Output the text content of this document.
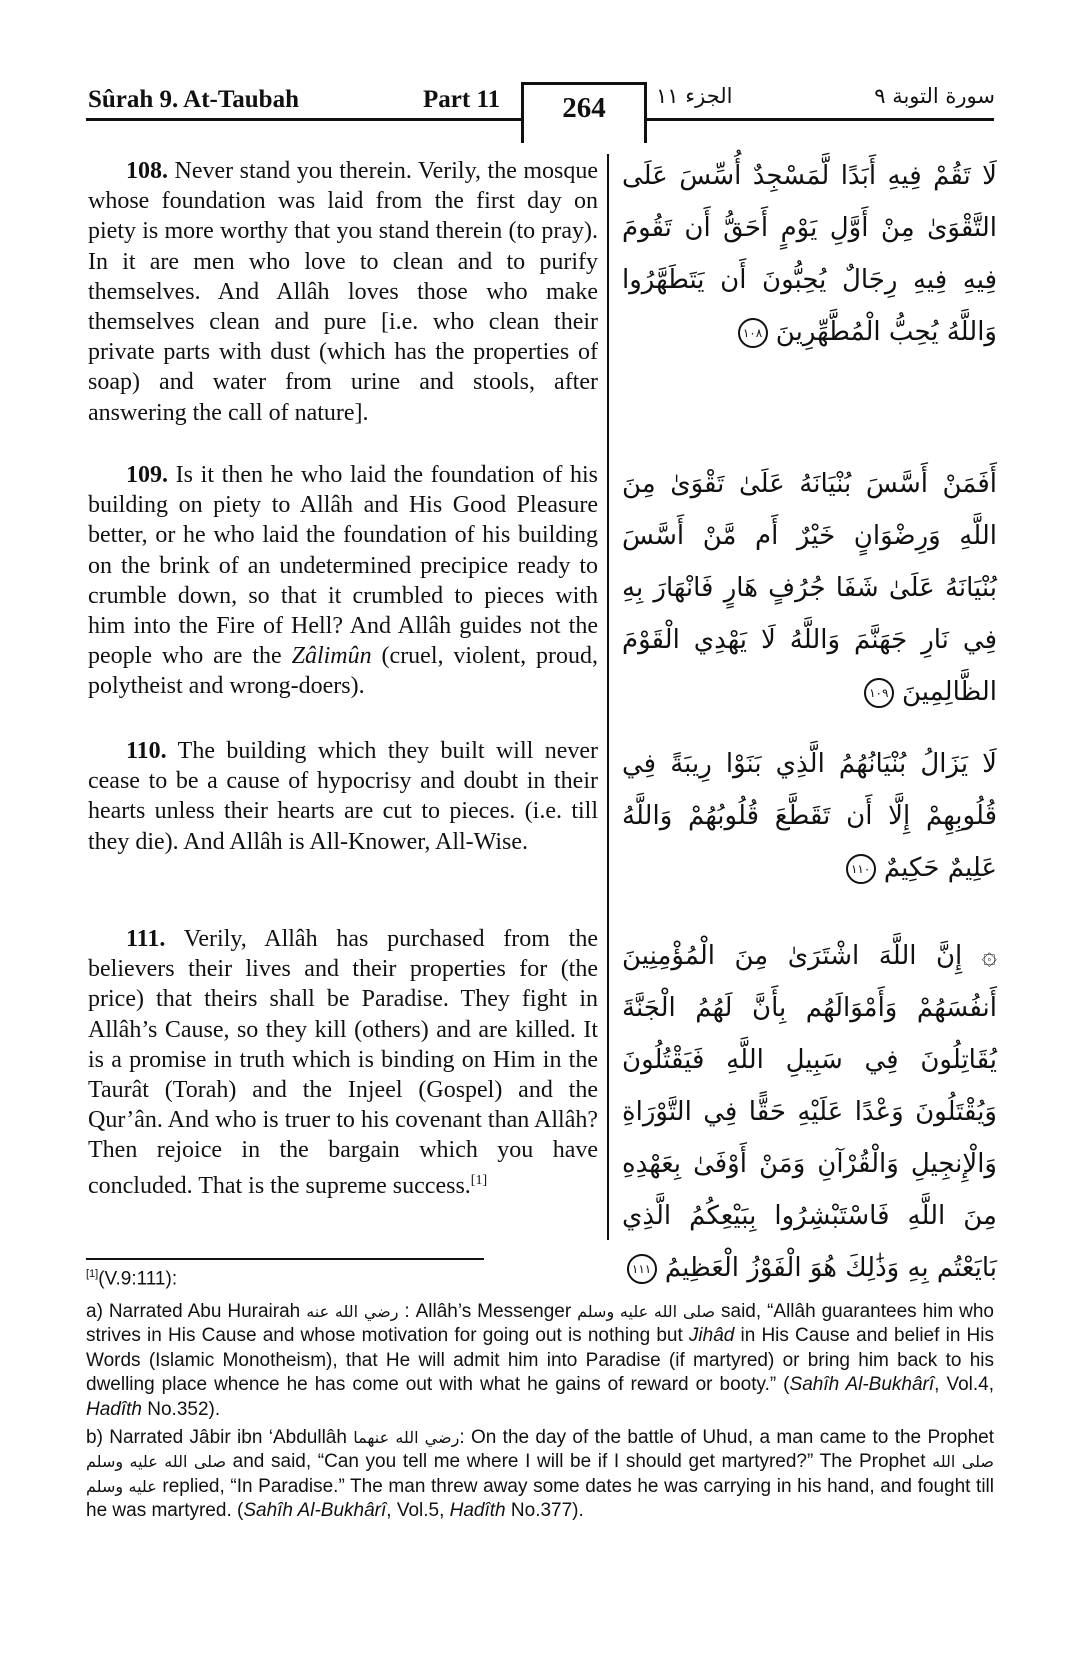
Sûrah 9. At-Taubah	Part 11	264	الجزء ١١	سورة التوبة ٩

108. Never stand you therein. Verily, the mosque whose foundation was laid from the first day on piety is more worthy that you stand therein (to pray). In it are men who love to clean and to purify themselves. And Allâh loves those who make themselves clean and pure [i.e. who clean their private parts with dust (which has the properties of soap) and water from urine and stools, after answering the call of nature].

لَا تَقُمْ فِيهِ أَبَدًا لَّمَسْجِدٌ أُسِّسَ عَلَى التَّقْوَىٰ مِنْ أَوَّلِ يَوْمٍ أَحَقُّ أَن تَقُومَ فِيهِ فِيهِ رِجَالٌ يُحِبُّونَ أَن يَتَطَهَّرُوا وَاللَّهُ يُحِبُّ الْمُطَّهِّرِينَ ١٠٨

109. Is it then he who laid the foundation of his building on piety to Allâh and His Good Pleasure better, or he who laid the foundation of his building on the brink of an undetermined precipice ready to crumble down, so that it crumbled to pieces with him into the Fire of Hell? And Allâh guides not the people who are the Zâlimûn (cruel, violent, proud, polytheist and wrong-doers).

أَفَمَنْ أَسَّسَ بُنْيَانَهُ عَلَىٰ تَقْوَىٰ مِنَ اللَّهِ وَرِضْوَانٍ خَيْرٌ أَم مَّنْ أَسَّسَ بُنْيَانَهُ عَلَىٰ شَفَا جُرُفٍ هَارٍ فَانْهَارَ بِهِ فِي نَارِ جَهَنَّمَ وَاللَّهُ لَا يَهْدِي الْقَوْمَ الظَّالِمِينَ ١٠٩

110. The building which they built will never cease to be a cause of hypocrisy and doubt in their hearts unless their hearts are cut to pieces. (i.e. till they die). And Allâh is All-Knower, All-Wise.

لَا يَزَالُ بُنْيَانُهُمُ الَّذِي بَنَوْا رِيبَةً فِي قُلُوبِهِمْ إِلَّا أَن تَقَطَّعَ قُلُوبُهُمْ وَاللَّهُ عَلِيمٌ حَكِيمٌ ١١٠

111. Verily, Allâh has purchased from the believers their lives and their properties for (the price) that theirs shall be Paradise. They fight in Allâh’s Cause, so they kill (others) and are killed. It is a promise in truth which is binding on Him in the Taurât (Torah) and the Injeel (Gospel) and the Qur’ân. And who is truer to his covenant than Allâh? Then rejoice in the bargain which you have concluded. That is the supreme success.[1]

۞ إِنَّ اللَّهَ اشْتَرَىٰ مِنَ الْمُؤْمِنِينَ أَنفُسَهُمْ وَأَمْوَالَهُم بِأَنَّ لَهُمُ الْجَنَّةَ يُقَاتِلُونَ فِي سَبِيلِ اللَّهِ فَيَقْتُلُونَ وَيُقْتَلُونَ وَعْدًا عَلَيْهِ حَقًّا فِي التَّوْرَاةِ وَالْإِنجِيلِ وَالْقُرْآنِ وَمَنْ أَوْفَىٰ بِعَهْدِهِ مِنَ اللَّهِ فَاسْتَبْشِرُوا بِبَيْعِكُمُ الَّذِي بَايَعْتُم بِهِ وَذَٰلِكَ هُوَ الْفَوْزُ الْعَظِيمُ ١١١

[1](V.9:111):

a) Narrated Abu Hurairah رضي الله عنه : Allâh’s Messenger صلى الله عليه وسلم said, “Allâh guarantees him who strives in His Cause and whose motivation for going out is nothing but Jihâd in His Cause and belief in His Words (Islamic Monotheism), that He will admit him into Paradise (if martyred) or bring him back to his dwelling place whence he has come out with what he gains of reward or booty.” (Sahîh Al-Bukhârî, Vol.4, Hadîth No.352).

b) Narrated Jâbir ibn ‘Abdullâh رضي الله عنهما: On the day of the battle of Uhud, a man came to the Prophet صلى الله عليه وسلم and said, “Can you tell me where I will be if I should get martyred?” The Prophet صلى الله عليه وسلم replied, “In Paradise.” The man threw away some dates he was carrying in his hand, and fought till he was martyred. (Sahîh Al-Bukhârî, Vol.5, Hadîth No.377).
